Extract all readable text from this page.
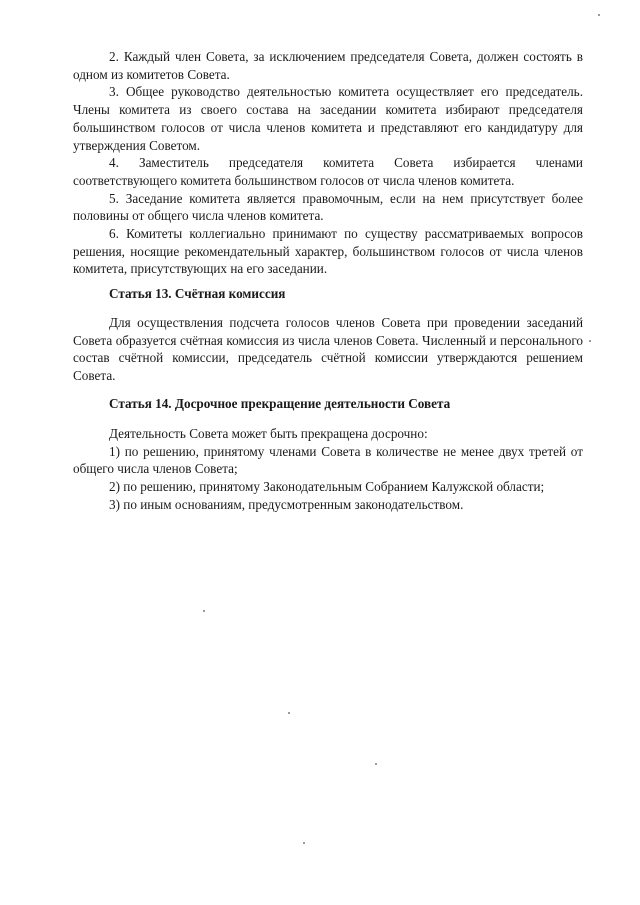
2. Каждый член Совета, за исключением председателя Совета, должен состоять в одном из комитетов Совета.

3. Общее руководство деятельностью комитета осуществляет его председатель. Члены комитета из своего состава на заседании комитета избирают председателя большинством голосов от числа членов комитета и представляют его кандидатуру для утверждения Советом.

4. Заместитель председателя комитета Совета избирается членами соответствующего комитета большинством голосов от числа членов комитета.

5. Заседание комитета является правомочным, если на нем присутствует более половины от общего числа членов комитета.

6. Комитеты коллегиально принимают по существу рассматриваемых вопросов решения, носящие рекомендательный характер, большинством голосов от числа членов комитета, присутствующих на его заседании.

Статья 13. Счётная комиссия

Для осуществления подсчета голосов членов Совета при проведении заседаний Совета образуется счётная комиссия из числа членов Совета. Численный и персонального состав счётной комиссии, председатель счётной комиссии утверждаются решением Совета.

Статья 14. Досрочное прекращение деятельности Совета

Деятельность Совета может быть прекращена досрочно:

1) по решению, принятому членами Совета в количестве не менее двух третей от общего числа членов Совета;

2) по решению, принятому Законодательным Собранием Калужской области;

3) по иным основаниям, предусмотренным законодательством.
